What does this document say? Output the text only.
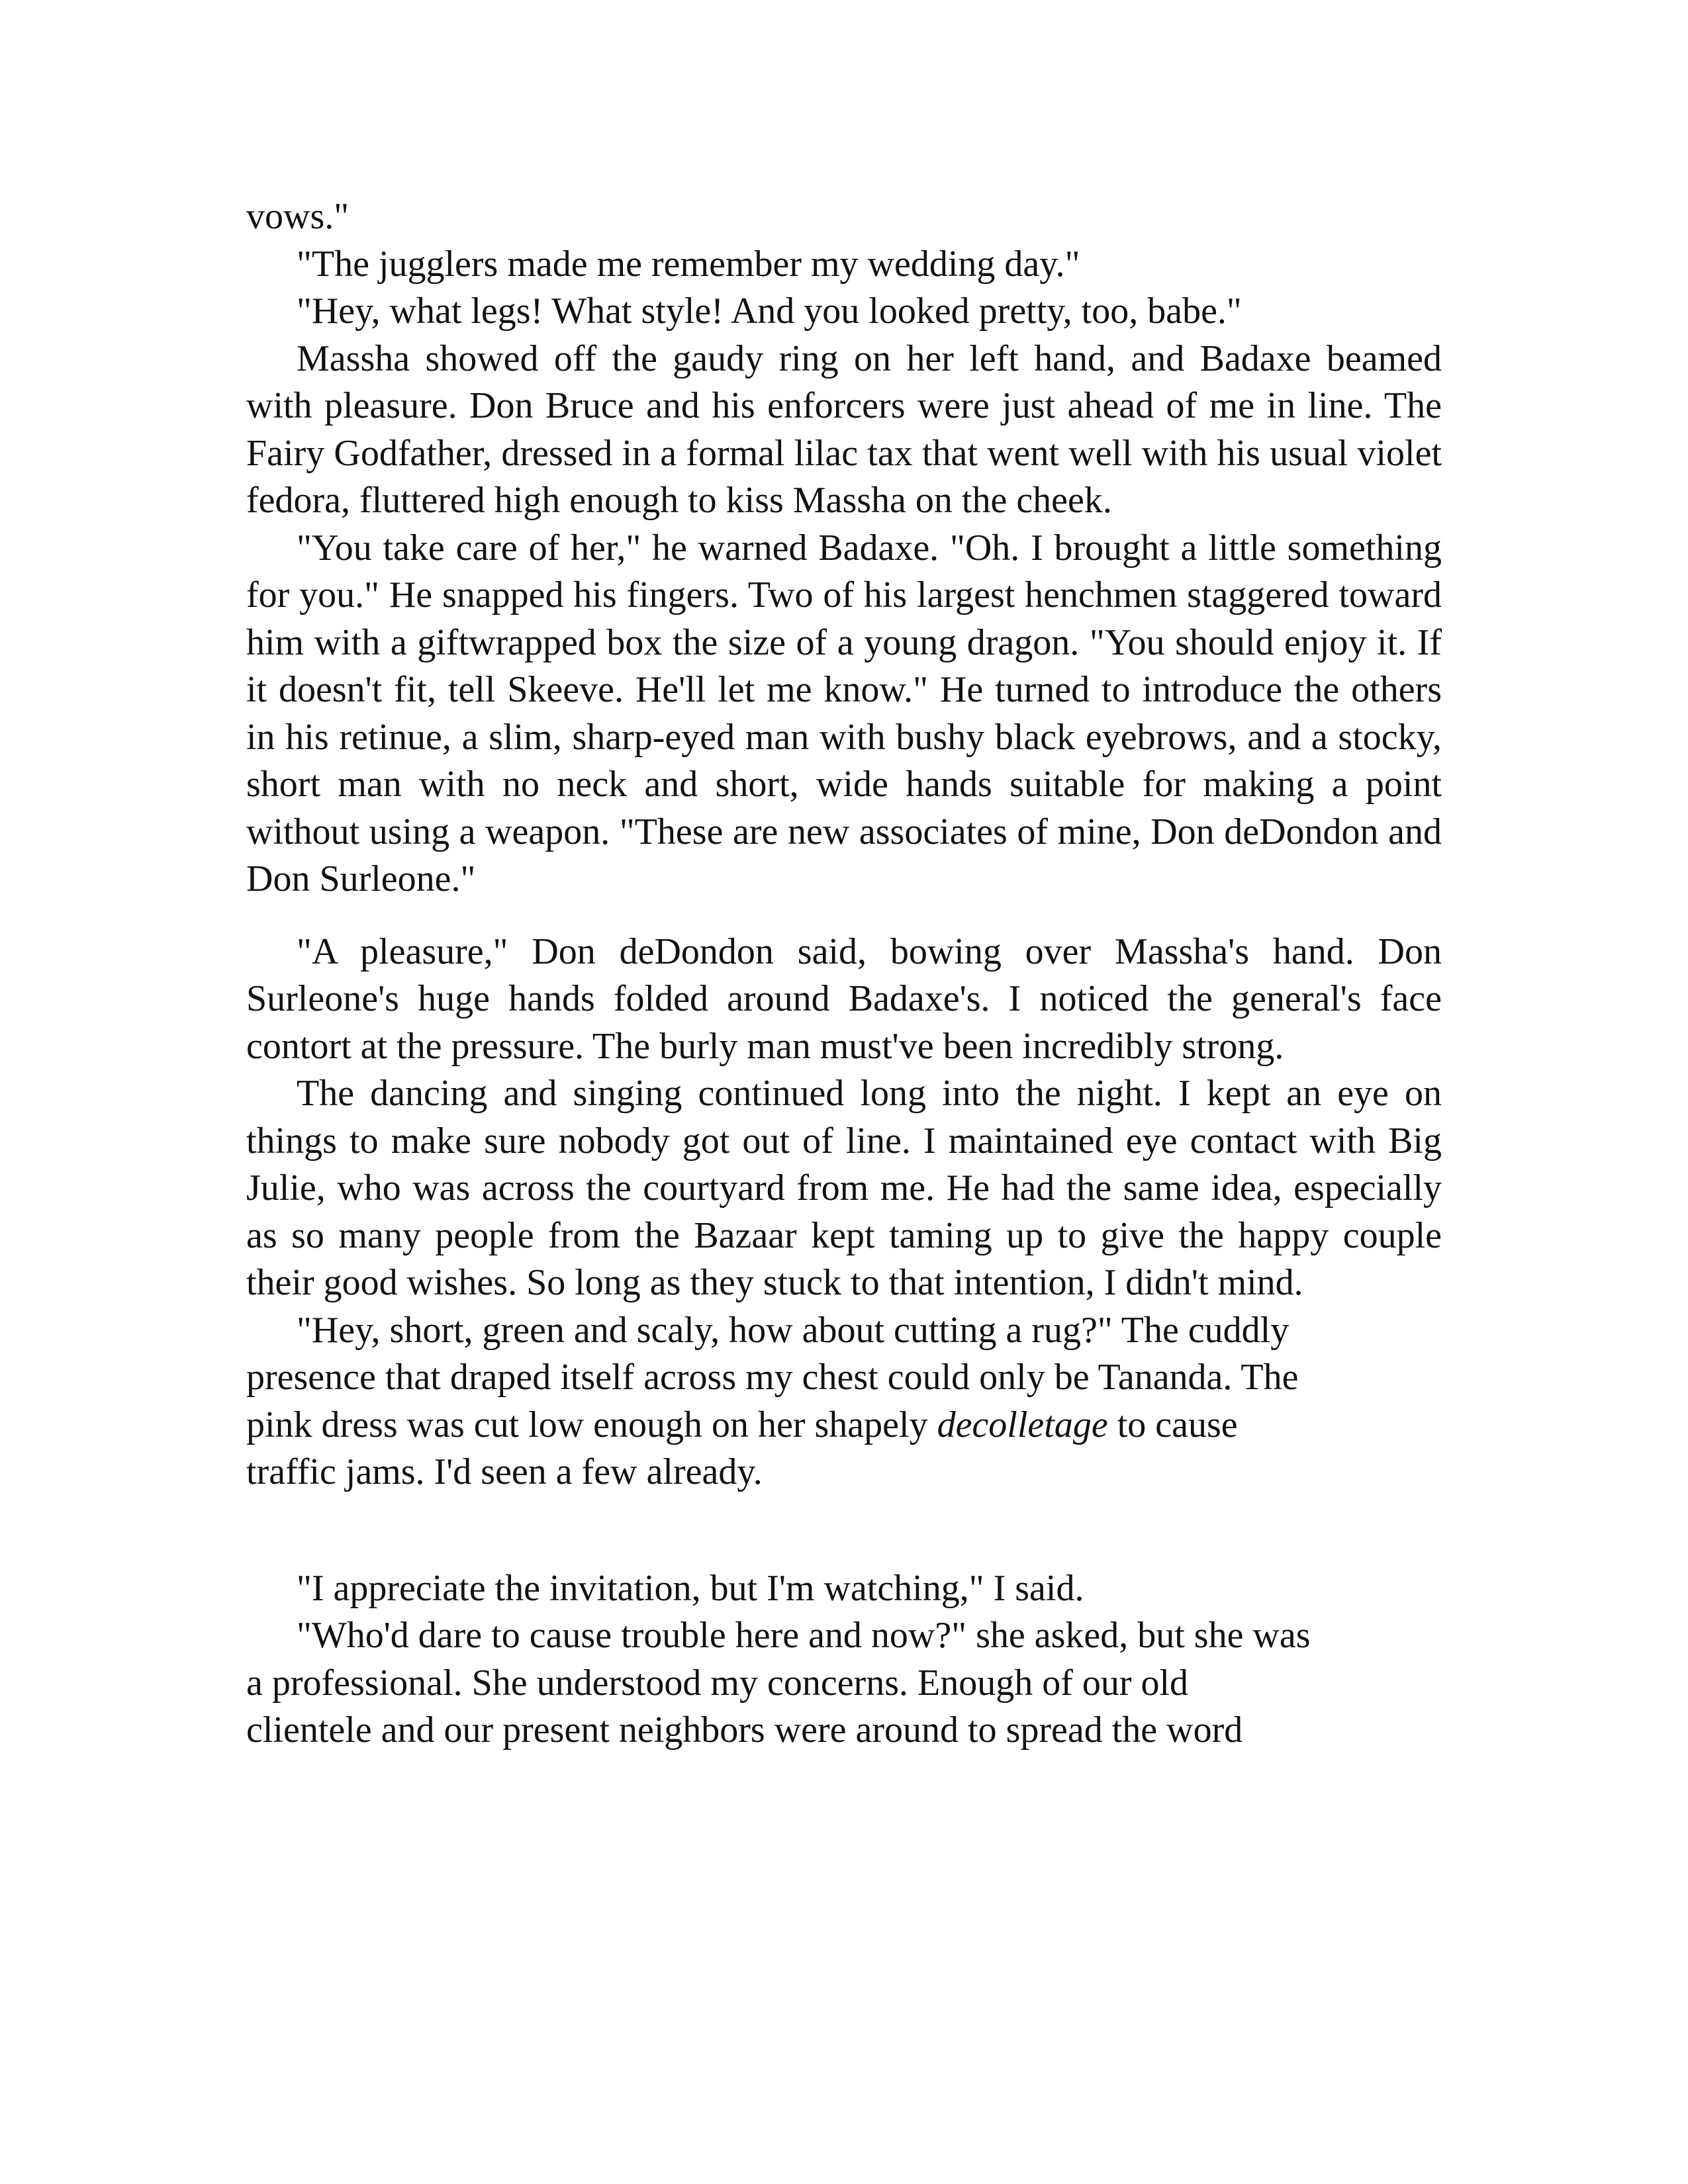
vows."

"The jugglers made me remember my wedding day."

"Hey, what legs! What style! And you looked pretty, too, babe."

Massha showed off the gaudy ring on her left hand, and Badaxe beamed with pleasure. Don Bruce and his enforcers were just ahead of me in line. The Fairy Godfather, dressed in a formal lilac tax that went well with his usual violet fedora, fluttered high enough to kiss Massha on the cheek.

"You take care of her," he warned Badaxe. "Oh. I brought a little something for you." He snapped his fingers. Two of his largest henchmen staggered toward him with a giftwrapped box the size of a young dragon. "You should enjoy it. If it doesn't fit, tell Skeeve. He'll let me know." He turned to introduce the others in his retinue, a slim, sharp-eyed man with bushy black eyebrows, and a stocky, short man with no neck and short, wide hands suitable for making a point without using a weapon. "These are new associates of mine, Don deDondon and Don Surleone."

"A pleasure," Don deDondon said, bowing over Massha's hand. Don Surleone's huge hands folded around Badaxe's. I noticed the general's face contort at the pressure. The burly man must've been incredibly strong.

The dancing and singing continued long into the night. I kept an eye on things to make sure nobody got out of line. I maintained eye contact with Big Julie, who was across the courtyard from me. He had the same idea, especially as so many people from the Bazaar kept taming up to give the happy couple their good wishes. So long as they stuck to that intention, I didn't mind.

"Hey, short, green and scaly, how about cutting a rug?" The cuddly
presence that draped itself across my chest could only be Tananda. The
pink dress was cut low enough on her shapely decolletage to cause
traffic jams. I'd seen a few already.

"I appreciate the invitation, but I'm watching," I said.

"Who'd dare to cause trouble here and now?" she asked, but she was
a professional. She understood my concerns. Enough of our old
clientele and our present neighbors were around to spread the word
